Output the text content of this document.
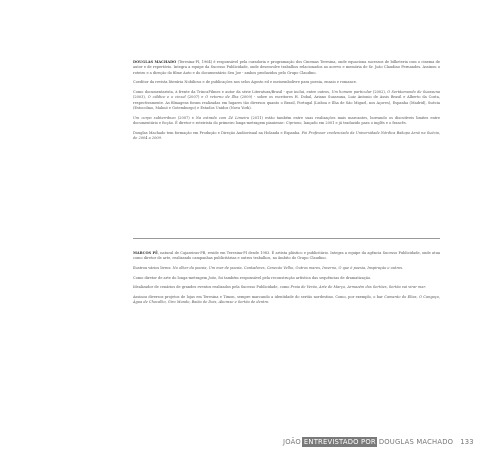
DOUGLAS MACHADO (Teresina-PI, 1964) é responsável pela curadoria e programação dos Cinemas Teresina, onde equaciona sucessos de bilheteria com o cinema de autor e de repertório. Integra a equipe da Sucesso Publicidade, onde desenvolve trabalhos relacionados ao acervo e memória de Sr. João Claudino Fernandes. Assinou o roteiro e a direção do filme Auto e do documentário Seu Joe - ambos produzidos pelo Grupo Claudino.

Coeditor da revista literária Nobilicus e de publicações nos selos Agosto ed e meioembolivre para poesia, ensaio e romance.

Como documentarista, à frente da TrincaFilmes e autor da série Literatura/Brasil - que inclui, entre outros, Um homem particular (2002), O Sertãomundo de Suassuna (2003), O cáldice e o cinzel (2007) e O retorno de Ilha (2009) - sobre os escritores H. Dobal, Ariano Suassuna, Luiz Antonio de Assis Brasil e Alberto da Costa, respectivamente. As filmagens foram realizadas em lugares tão diversos quanto o Brasil, Portugal (Lisboa e Ilha de São Miguel, nos Açores), Espanha (Madrid), Suécia (Estocolmo, Malmö e Gotemburgo) e Estados Unidos (Nova York).

Um corpo subterrâneo (2007) e Na estrada com Zé Limeira (2011) estão também entre suas realizações mais marcantes, borrando os discutíveis limites entre documentário e ficção. É diretor e roteirista do primeiro longa-metragem piauiense: Cipriano, lançado em 2001 e já traduzido para o inglês e o francês.

Douglas Machado tem formação em Produção e Direção Audiovisual na Holanda e Espanha. Foi Professor credenciado da Universidade Nórdica Bakopo Arnö na Suécia, de 2004 a 2009.

MARCOS PÊ, natural de Cajazeiras-PB, reside em Teresina-PI desde 1983. É artista plástico e publicitário. Integra a equipe da agência Sucesso Publicidade, onde atua como diretor de arte, realizando campanhas publicitárias e outros trabalhos, no âmbito do Grupo Claudino.

Ilustrou vários livros: No olhar da poesia, Um mar de poesia, Cantadores, Canecão Velho, Outros mares, Inverno, O que é poesia, Inspiração e outros.

Como diretor de arte do longa-metragem João, foi também responsável pela reconstrução artística das sequências de dramatização.

Idealizador de cenários de grandes eventos realizados pela Sucesso Publicidade, como Praia de Verão, Arte de Março, Armazém dos Sertões, Sertão vai virar mar.

Assinou diversos projetos de lojas em Teresina e Timon, sempre marcando a identidade do sertão nordestino. Como, por exemplo, o bar Camarão do Elias, O Cangaço, Água de Chocalho, Giro Mundo, Baião de Dois, Aboraxe e Sertão de dentro.

JOÃO ENTREVISTADO POR DOUGLAS MACHADO 133
